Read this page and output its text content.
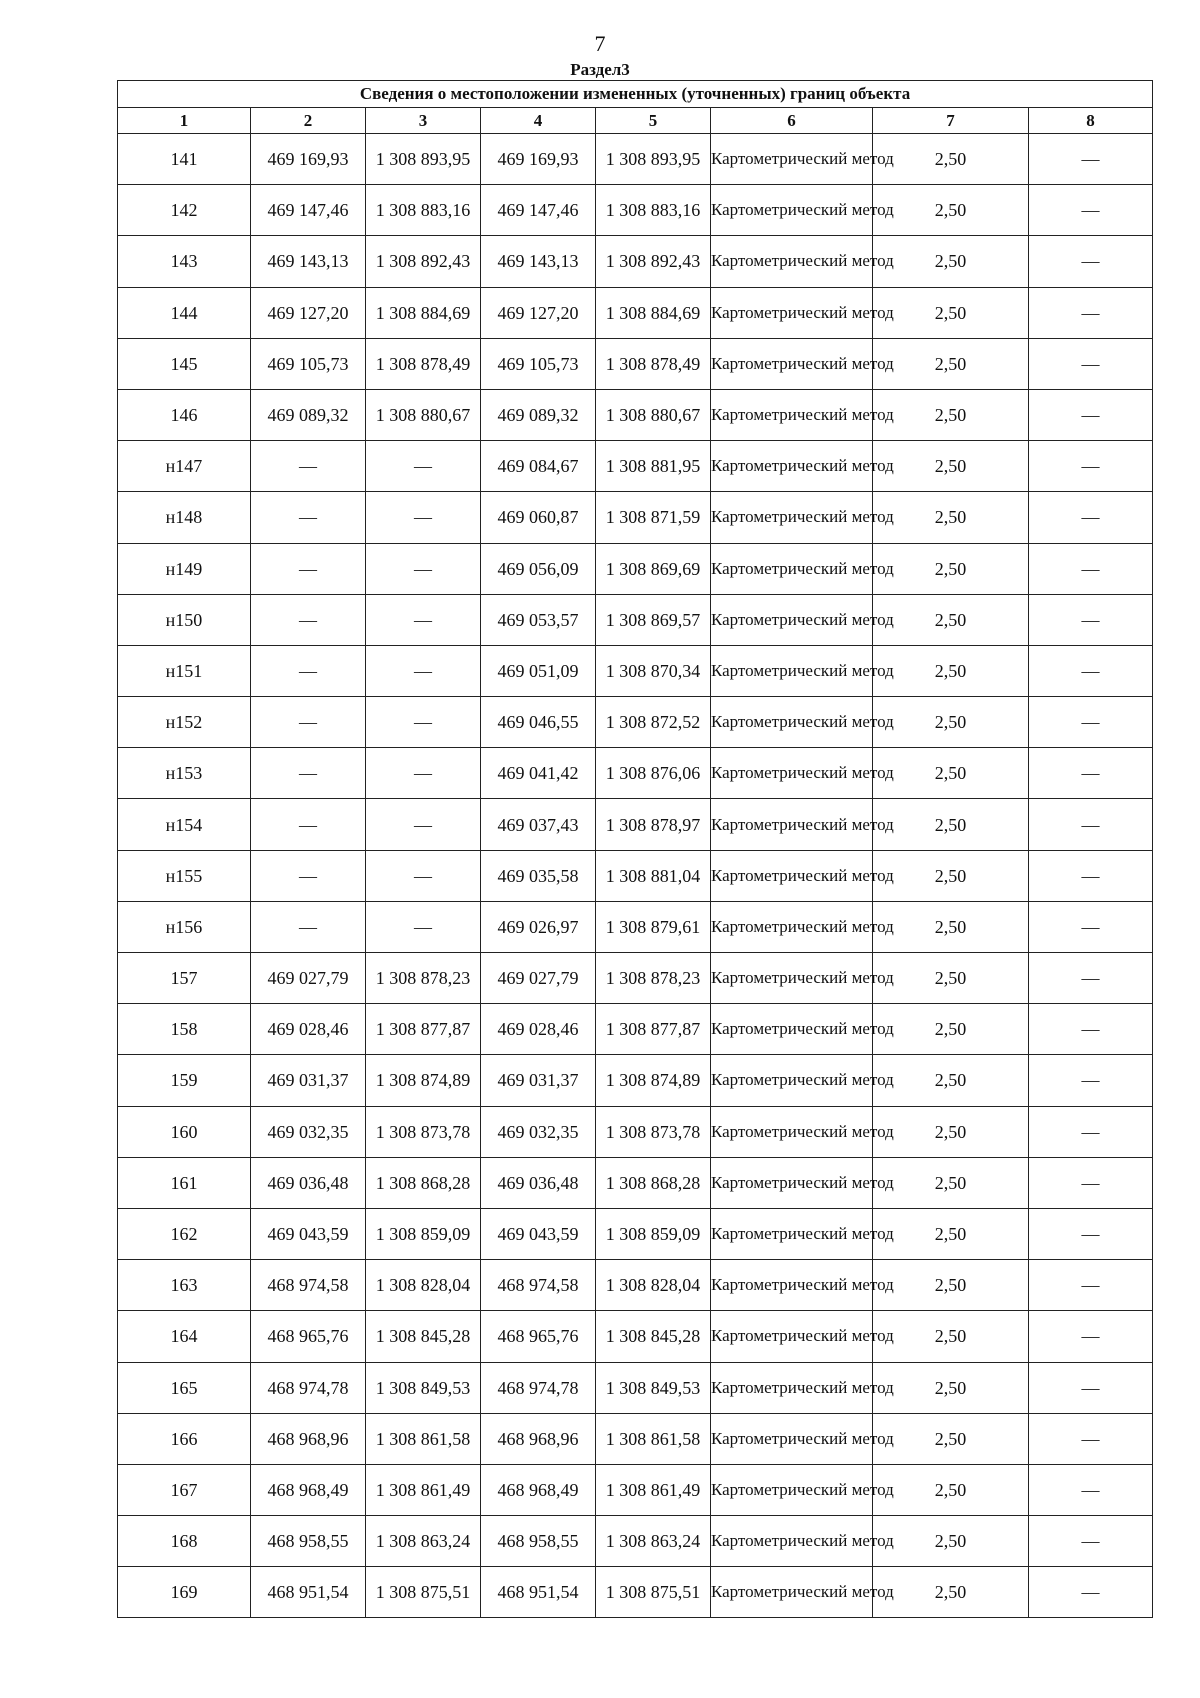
7
Раздел3
Сведения о местоположении измененных (уточненных) границ объекта							
1	2	3	4	5	6	7	8
141	469 169,93	1 308 893,95	469 169,93	1 308 893,95	Картометрический метод	2,50	—
142	469 147,46	1 308 883,16	469 147,46	1 308 883,16	Картометрический метод	2,50	—
143	469 143,13	1 308 892,43	469 143,13	1 308 892,43	Картометрический метод	2,50	—
144	469 127,20	1 308 884,69	469 127,20	1 308 884,69	Картометрический метод	2,50	—
145	469 105,73	1 308 878,49	469 105,73	1 308 878,49	Картометрический метод	2,50	—
146	469 089,32	1 308 880,67	469 089,32	1 308 880,67	Картометрический метод	2,50	—
н147	—	—	469 084,67	1 308 881,95	Картометрический метод	2,50	—
н148	—	—	469 060,87	1 308 871,59	Картометрический метод	2,50	—
н149	—	—	469 056,09	1 308 869,69	Картометрический метод	2,50	—
н150	—	—	469 053,57	1 308 869,57	Картометрический метод	2,50	—
н151	—	—	469 051,09	1 308 870,34	Картометрический метод	2,50	—
н152	—	—	469 046,55	1 308 872,52	Картометрический метод	2,50	—
н153	—	—	469 041,42	1 308 876,06	Картометрический метод	2,50	—
н154	—	—	469 037,43	1 308 878,97	Картометрический метод	2,50	—
н155	—	—	469 035,58	1 308 881,04	Картометрический метод	2,50	—
н156	—	—	469 026,97	1 308 879,61	Картометрический метод	2,50	—
157	469 027,79	1 308 878,23	469 027,79	1 308 878,23	Картометрический метод	2,50	—
158	469 028,46	1 308 877,87	469 028,46	1 308 877,87	Картометрический метод	2,50	—
159	469 031,37	1 308 874,89	469 031,37	1 308 874,89	Картометрический метод	2,50	—
160	469 032,35	1 308 873,78	469 032,35	1 308 873,78	Картометрический метод	2,50	—
161	469 036,48	1 308 868,28	469 036,48	1 308 868,28	Картометрический метод	2,50	—
162	469 043,59	1 308 859,09	469 043,59	1 308 859,09	Картометрический метод	2,50	—
163	468 974,58	1 308 828,04	468 974,58	1 308 828,04	Картометрический метод	2,50	—
164	468 965,76	1 308 845,28	468 965,76	1 308 845,28	Картометрический метод	2,50	—
165	468 974,78	1 308 849,53	468 974,78	1 308 849,53	Картометрический метод	2,50	—
166	468 968,96	1 308 861,58	468 968,96	1 308 861,58	Картометрический метод	2,50	—
167	468 968,49	1 308 861,49	468 968,49	1 308 861,49	Картометрический метод	2,50	—
168	468 958,55	1 308 863,24	468 958,55	1 308 863,24	Картометрический метод	2,50	—
169	468 951,54	1 308 875,51	468 951,54	1 308 875,51	Картометрический метод	2,50	—
